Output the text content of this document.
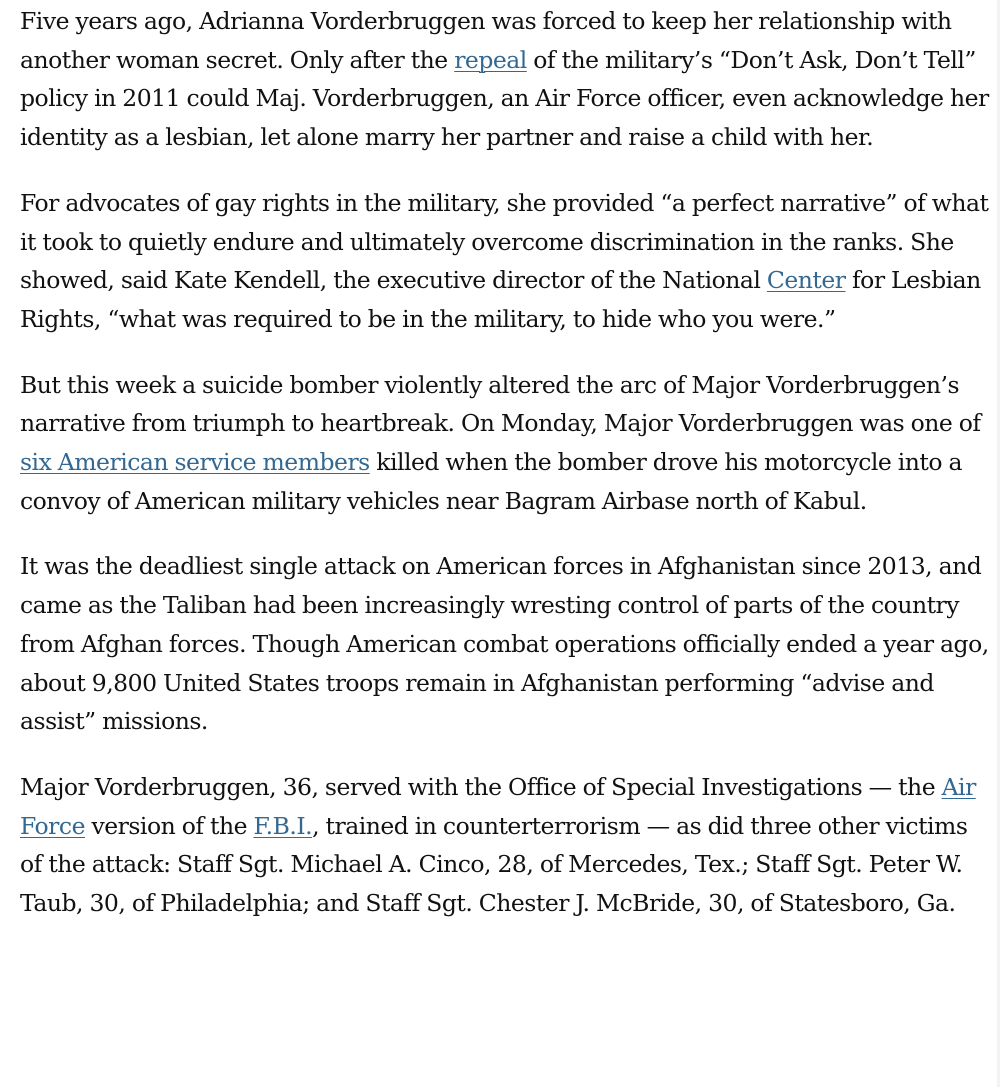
Five years ago, Adrianna Vorderbruggen was forced to keep her relationship with another woman secret. Only after the repeal of the military’s “Don’t Ask, Don’t Tell” policy in 2011 could Maj. Vorderbruggen, an Air Force officer, even acknowledge her identity as a lesbian, let alone marry her partner and raise a child with her.

For advocates of gay rights in the military, she provided “a perfect narrative” of what it took to quietly endure and ultimately overcome discrimination in the ranks. She showed, said Kate Kendell, the executive director of the National Center for Lesbian Rights, “what was required to be in the military, to hide who you were.”

But this week a suicide bomber violently altered the arc of Major Vorderbruggen’s narrative from triumph to heartbreak. On Monday, Major Vorderbruggen was one of six American service members killed when the bomber drove his motorcycle into a convoy of American military vehicles near Bagram Airbase north of Kabul.

It was the deadliest single attack on American forces in Afghanistan since 2013, and came as the Taliban had been increasingly wresting control of parts of the country from Afghan forces. Though American combat operations officially ended a year ago, about 9,800 United States troops remain in Afghanistan performing “advise and assist” missions.

Major Vorderbruggen, 36, served with the Office of Special Investigations — the Air Force version of the F.B.I., trained in counterterrorism — as did three other victims of the attack: Staff Sgt. Michael A. Cinco, 28, of Mercedes, Tex.; Staff Sgt. Peter W. Taub, 30, of Philadelphia; and Staff Sgt. Chester J. McBride, 30, of Statesboro, Ga.
